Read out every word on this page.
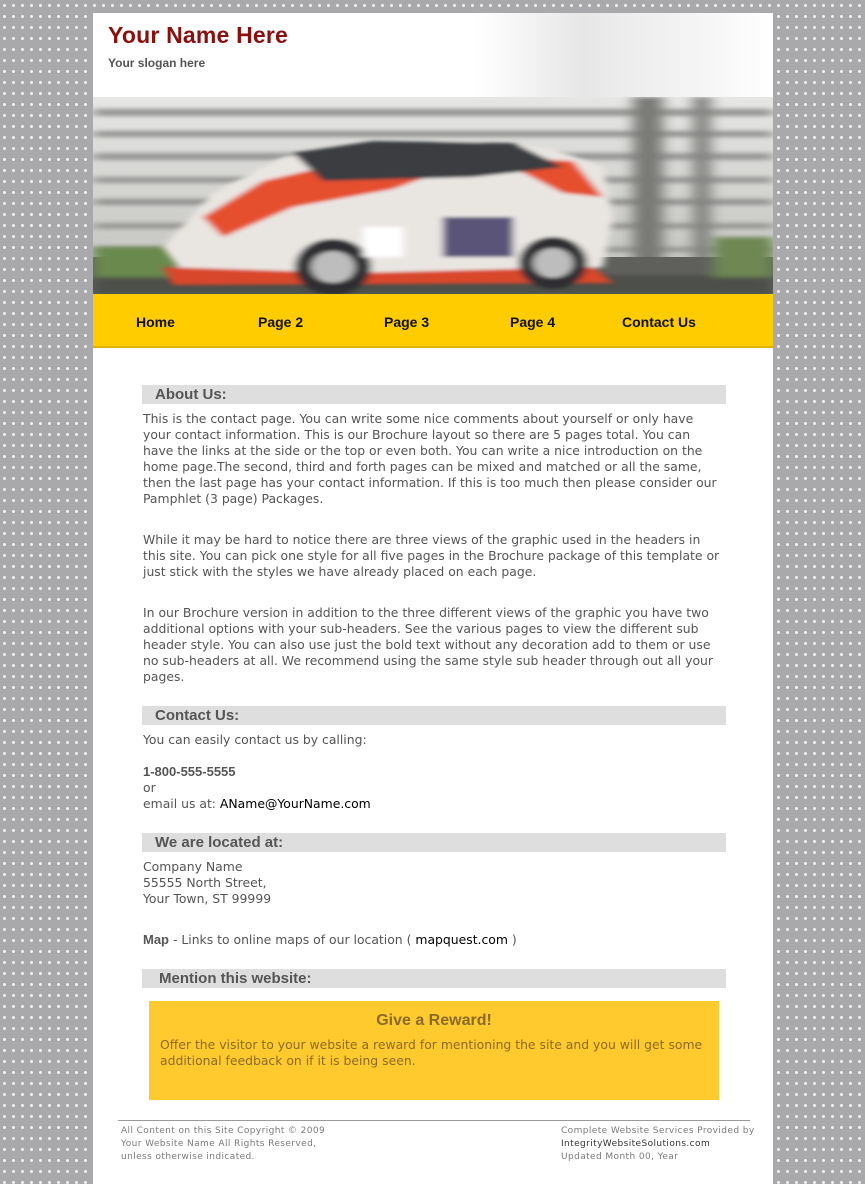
Your Name Here
Your slogan here
Home	Page 2	Page 3	Page 4	Contact Us
About Us:

This is the contact page. You can write some nice comments about yourself or only have
your contact information. This is our Brochure layout so there are 5 pages total. You can
have the links at the side or the top or even both. You can write a nice introduction on the
home page.The second, third and forth pages can be mixed and matched or all the same,
then the last page has your contact information. If this is too much then please consider our
Pamphlet (3 page) Packages.

While it may be hard to notice there are three views of the graphic used in the headers in
this site. You can pick one style for all five pages in the Brochure package of this template or
just stick with the styles we have already placed on each page.

In our Brochure version in addition to the three different views of the graphic you have two
additional options with your sub-headers. See the various pages to view the different sub
header style. You can also use just the bold text without any decoration add to them or use
no sub-headers at all. We recommend using the same style sub header through out all your
pages.

Contact Us:

You can easily contact us by calling:

1-800-555-5555
or
email us at: AName@YourName.com

We are located at:

Company Name
55555 North Street,
Your Town, ST 99999

Map - Links to online maps of our location ( mapquest.com )

Mention this website:
Give a Reward!
Offer the visitor to your website a reward for mentioning the site and you will get some
additional feedback on if it is being seen.
All Content on this Site Copyright © 2009
Your Website Name All Rights Reserved,
unless otherwise indicated.
Complete Website Services Provided by
IntegrityWebsiteSolutions.com
Updated Month 00, Year
